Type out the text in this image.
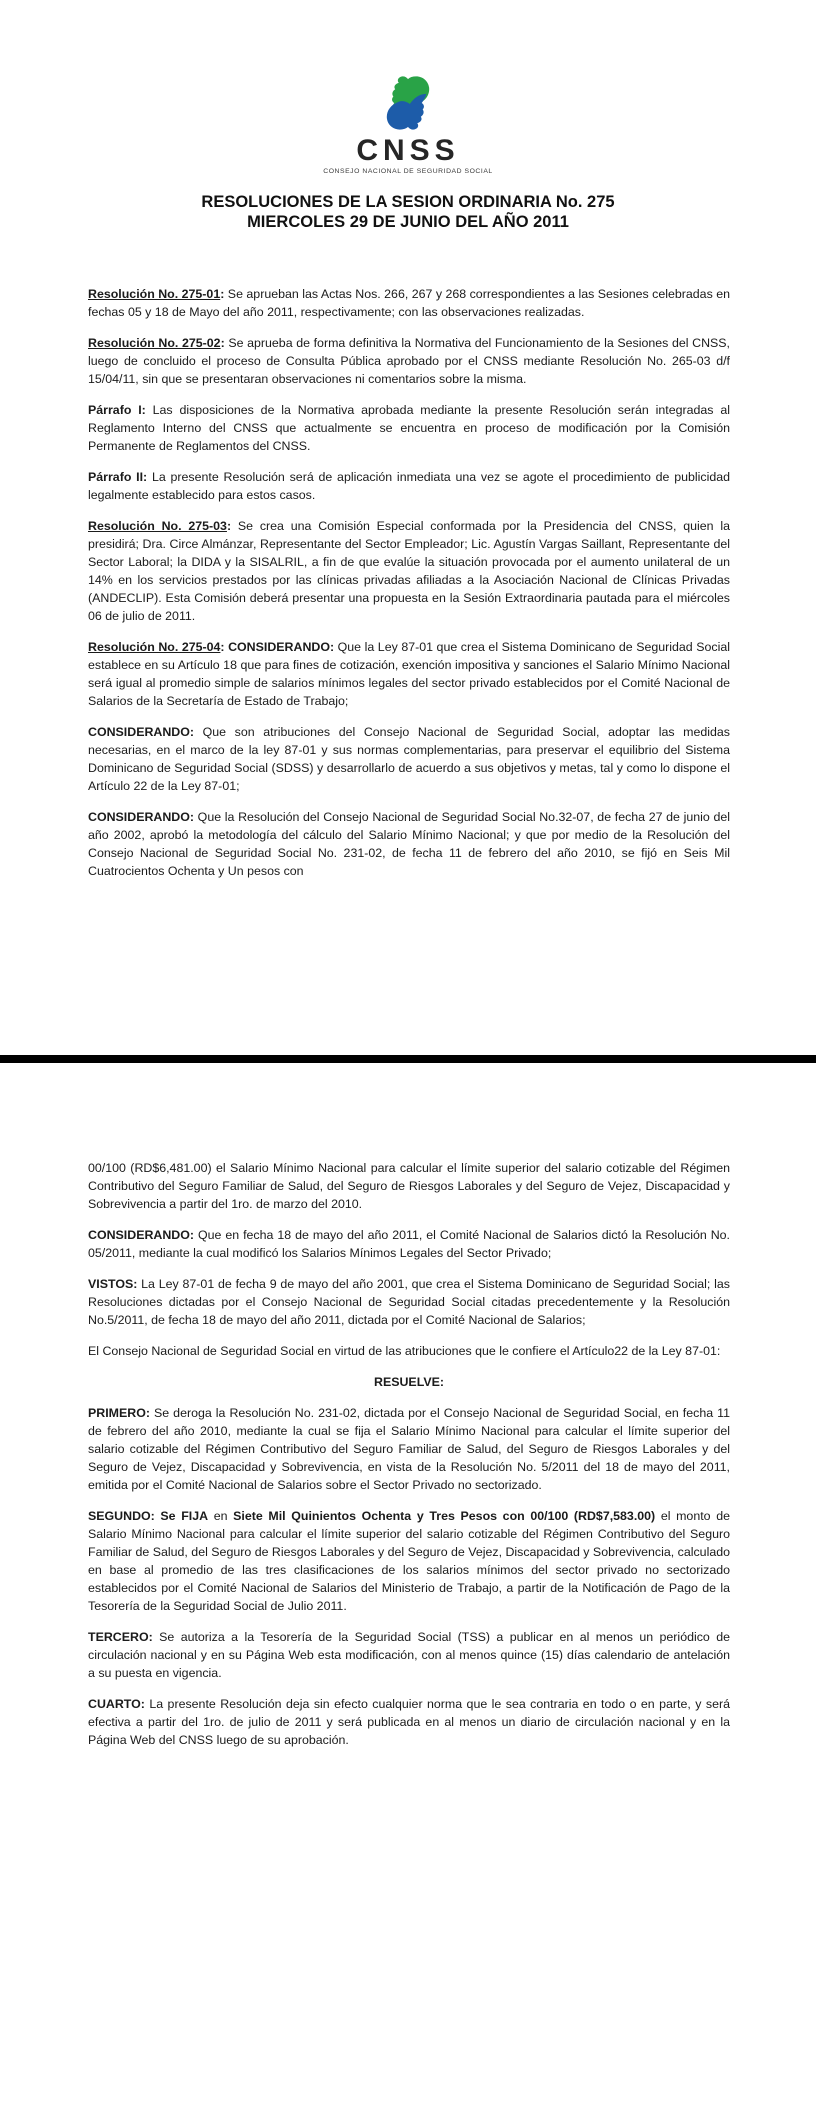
CNSS
CONSEJO NACIONAL DE SEGURIDAD SOCIAL
RESOLUCIONES DE LA SESION ORDINARIA No. 275
MIERCOLES 29 DE JUNIO DEL AÑO 2011

Resolución No. 275-01: Se aprueban las Actas Nos. 266, 267 y 268 correspondientes a las Sesiones celebradas en fechas 05 y 18 de Mayo del año 2011, respectivamente; con las observaciones realizadas.

Resolución No. 275-02: Se aprueba de forma definitiva la Normativa del Funcionamiento de la Sesiones del CNSS, luego de concluido el proceso de Consulta Pública aprobado por el CNSS mediante Resolución No. 265-03 d/f 15/04/11, sin que se presentaran observaciones ni comentarios sobre la misma.

Párrafo I: Las disposiciones de la Normativa aprobada mediante la presente Resolución serán integradas al Reglamento Interno del CNSS que actualmente se encuentra en proceso de modificación por la Comisión Permanente de Reglamentos del CNSS.

Párrafo II: La presente Resolución será de aplicación inmediata una vez se agote el procedimiento de publicidad legalmente establecido para estos casos.

Resolución No. 275-03: Se crea una Comisión Especial conformada por la Presidencia del CNSS, quien la presidirá; Dra. Circe Almánzar, Representante del Sector Empleador; Lic. Agustín Vargas Saillant, Representante del Sector Laboral; la DIDA y la SISALRIL, a fin de que evalúe la situación provocada por el aumento unilateral de un 14% en los servicios prestados por las clínicas privadas afiliadas a la Asociación Nacional de Clínicas Privadas (ANDECLIP). Esta Comisión deberá presentar una propuesta en la Sesión Extraordinaria pautada para el miércoles 06 de julio de 2011.

Resolución No. 275-04: CONSIDERANDO: Que la Ley 87-01 que crea el Sistema Dominicano de Seguridad Social establece en su Artículo 18 que para fines de cotización, exención impositiva y sanciones el Salario Mínimo Nacional será igual al promedio simple de salarios mínimos legales del sector privado establecidos por el Comité Nacional de Salarios de la Secretaría de Estado de Trabajo;

CONSIDERANDO: Que son atribuciones del Consejo Nacional de Seguridad Social, adoptar las medidas necesarias, en el marco de la ley 87-01 y sus normas complementarias, para preservar el equilibrio del Sistema Dominicano de Seguridad Social (SDSS) y desarrollarlo de acuerdo a sus objetivos y metas, tal y como lo dispone el Artículo 22 de la Ley 87-01;

CONSIDERANDO: Que la Resolución del Consejo Nacional de Seguridad Social No.32-07, de fecha 27 de junio del año 2002, aprobó la metodología del cálculo del Salario Mínimo Nacional; y que por medio de la Resolución del Consejo Nacional de Seguridad Social No. 231-02, de fecha 11 de febrero del año 2010, se fijó en Seis Mil Cuatrocientos Ochenta y Un pesos con

00/100 (RD$6,481.00) el Salario Mínimo Nacional para calcular el límite superior del salario cotizable del Régimen Contributivo del Seguro Familiar de Salud, del Seguro de Riesgos Laborales y del Seguro de Vejez, Discapacidad y Sobrevivencia a partir del 1ro. de marzo del 2010.

CONSIDERANDO: Que en fecha 18 de mayo del año 2011, el Comité Nacional de Salarios dictó la Resolución No. 05/2011, mediante la cual modificó los Salarios Mínimos Legales del Sector Privado;

VISTOS: La Ley 87-01 de fecha 9 de mayo del año 2001, que crea el Sistema Dominicano de Seguridad Social; las Resoluciones dictadas por el Consejo Nacional de Seguridad Social citadas precedentemente y la Resolución No.5/2011, de fecha 18 de mayo del año 2011, dictada por el Comité Nacional de Salarios;

El Consejo Nacional de Seguridad Social en virtud de las atribuciones que le confiere el Artículo22 de la Ley 87-01:

RESUELVE:

PRIMERO: Se deroga la Resolución No. 231-02, dictada por el Consejo Nacional de Seguridad Social, en fecha 11 de febrero del año 2010, mediante la cual se fija el Salario Mínimo Nacional para calcular el límite superior del salario cotizable del Régimen Contributivo del Seguro Familiar de Salud, del Seguro de Riesgos Laborales y del Seguro de Vejez, Discapacidad y Sobrevivencia, en vista de la Resolución No. 5/2011 del 18 de mayo del 2011, emitida por el Comité Nacional de Salarios sobre el Sector Privado no sectorizado.

SEGUNDO: Se FIJA en Siete Mil Quinientos Ochenta y Tres Pesos con 00/100 (RD$7,583.00) el monto de Salario Mínimo Nacional para calcular el límite superior del salario cotizable del Régimen Contributivo del Seguro Familiar de Salud, del Seguro de Riesgos Laborales y del Seguro de Vejez, Discapacidad y Sobrevivencia, calculado en base al promedio de las tres clasificaciones de los salarios mínimos del sector privado no sectorizado establecidos por el Comité Nacional de Salarios del Ministerio de Trabajo, a partir de la Notificación de Pago de la Tesorería de la Seguridad Social de Julio 2011.

TERCERO: Se autoriza a la Tesorería de la Seguridad Social (TSS) a publicar en al menos un periódico de circulación nacional y en su Página Web esta modificación, con al menos quince (15) días calendario de antelación a su puesta en vigencia.

CUARTO: La presente Resolución deja sin efecto cualquier norma que le sea contraria en todo o en parte, y será efectiva a partir del 1ro. de julio de 2011 y será publicada en al menos un diario de circulación nacional y en la Página Web del CNSS luego de su aprobación.
